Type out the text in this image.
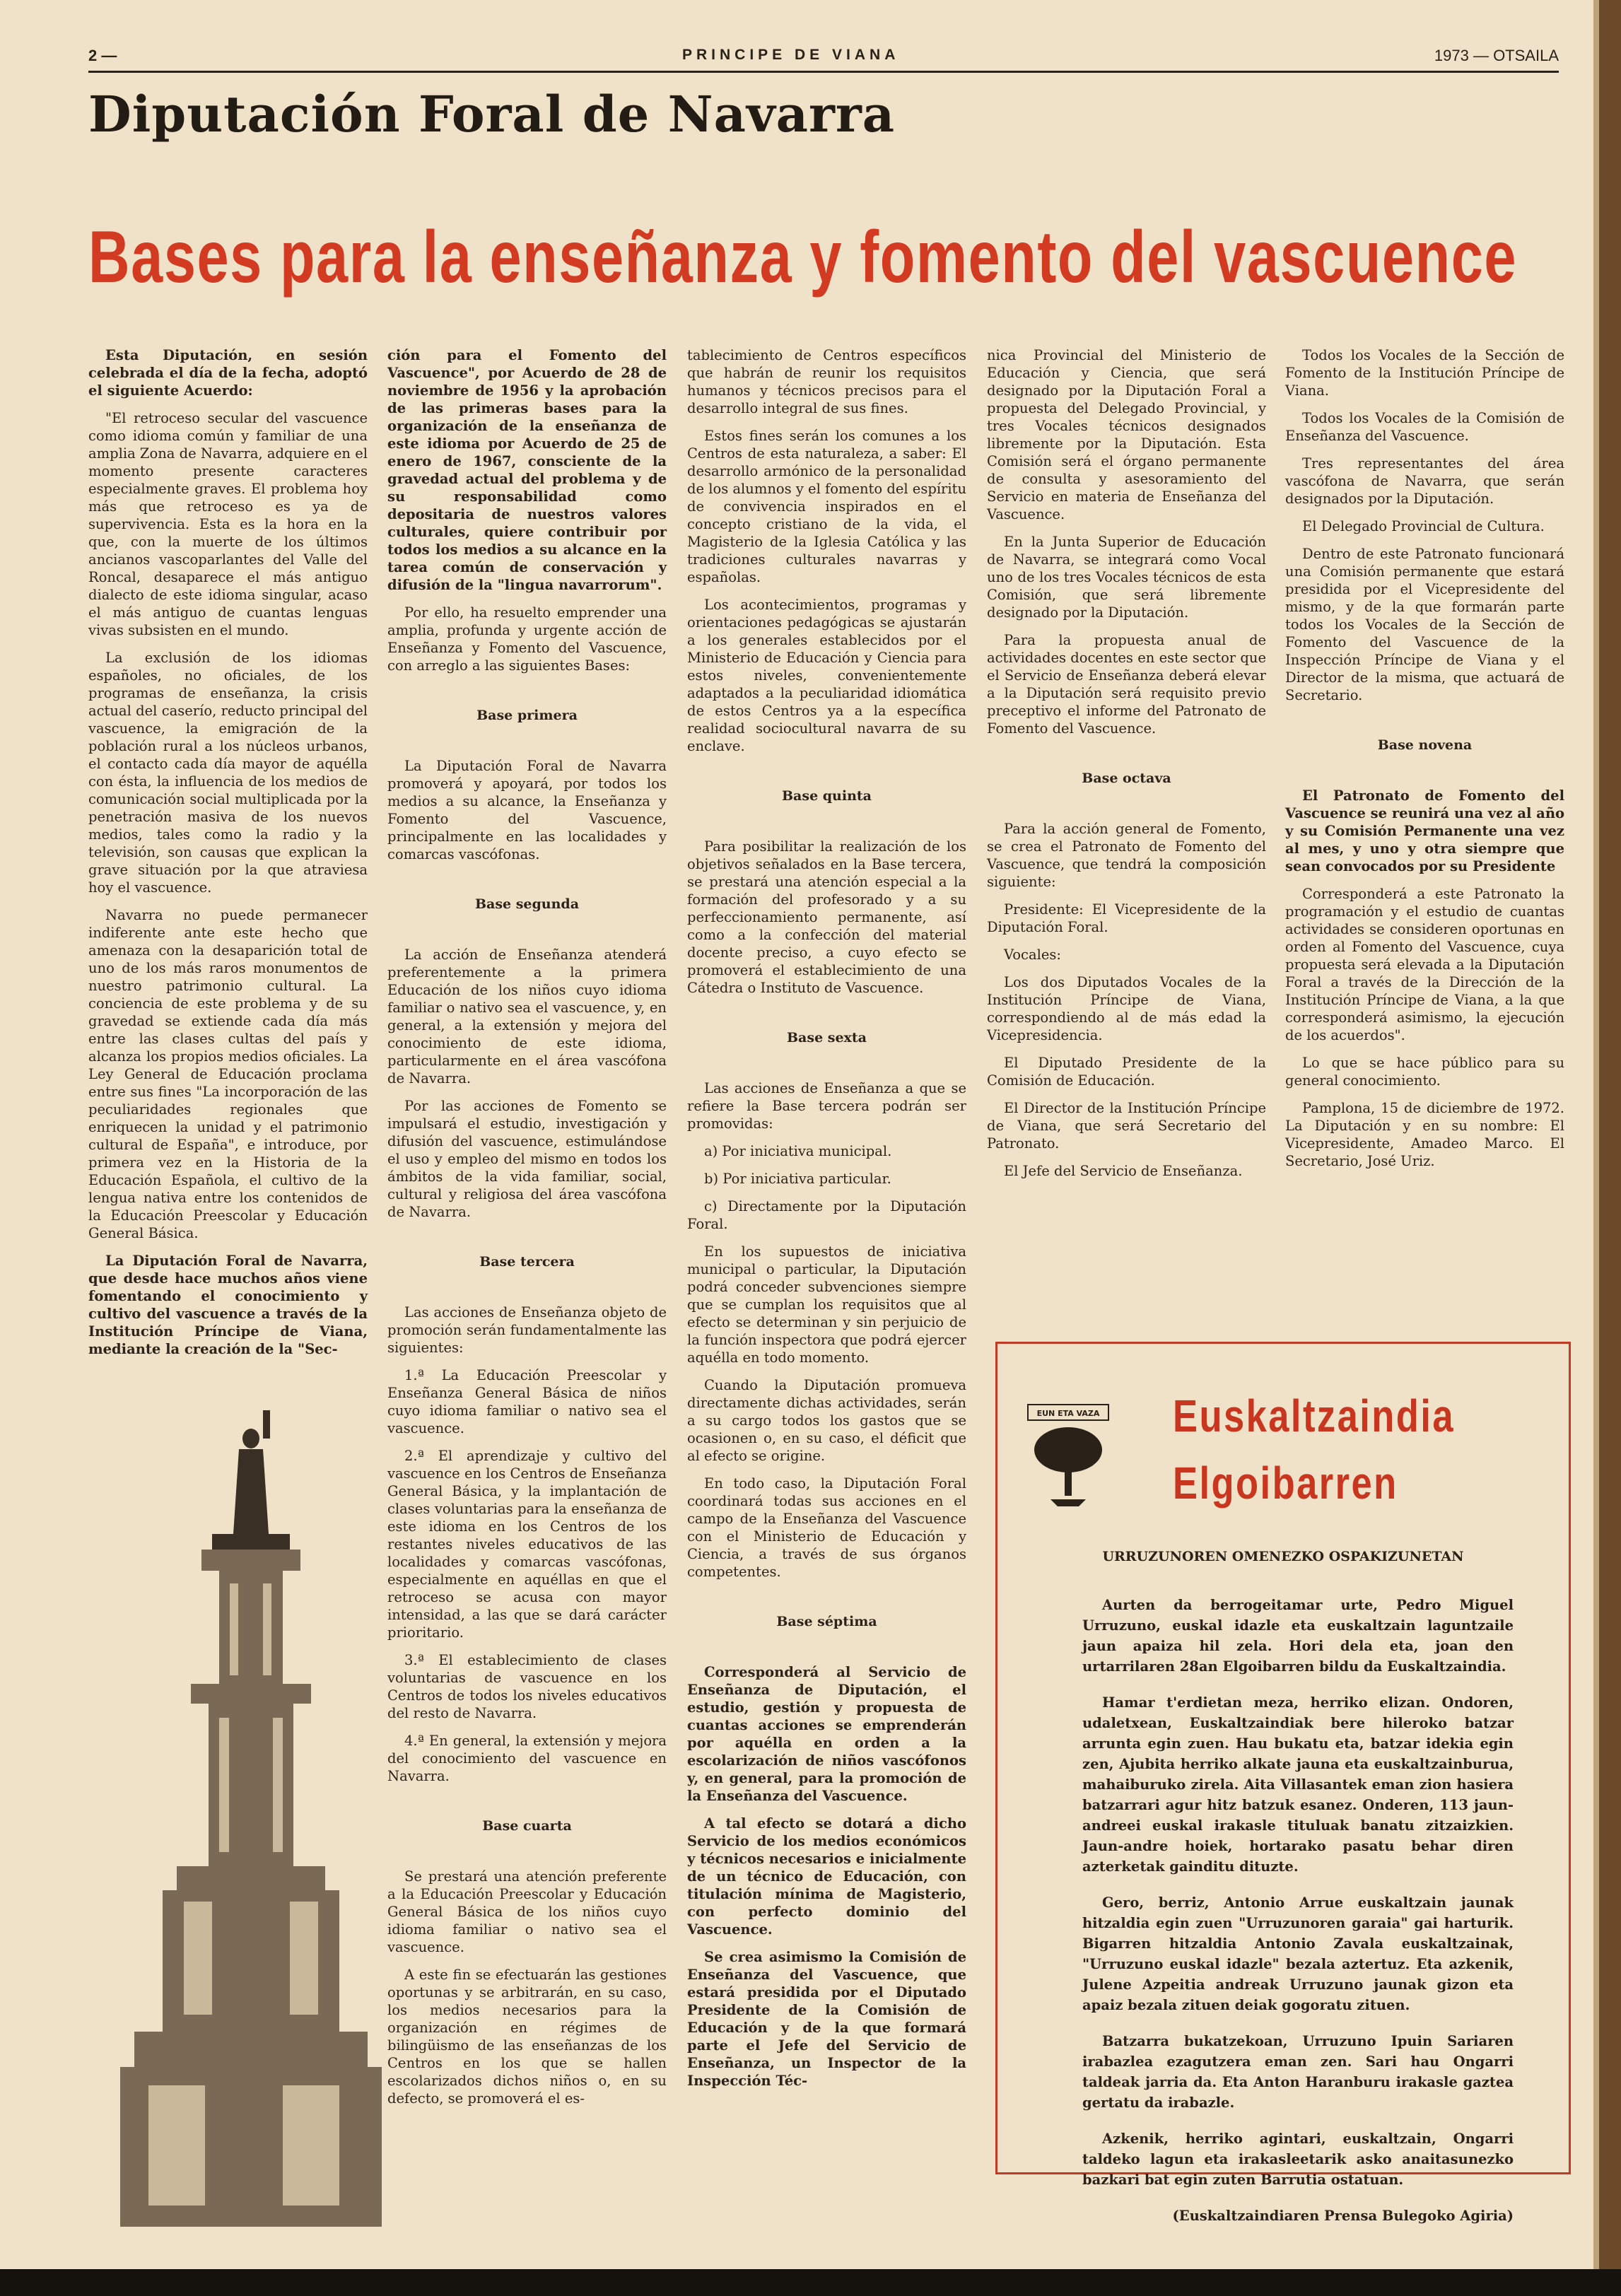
2 —	PRINCIPE DE VIANA	1973 — OTSAILA
Diputación Foral de Navarra
Bases para la enseñanza y fomento del vascuence

Esta Diputación, en sesión celebrada el día de la fecha, adoptó el siguiente Acuerdo:

"El retroceso secular del vascuence como idioma común y familiar de una amplia Zona de Navarra, adquiere en el momento presente caracteres especialmente graves. El problema hoy más que retroceso es ya de supervivencia. Esta es la hora en la que, con la muerte de los últimos ancianos vascoparlantes del Valle del Roncal, desaparece el más antiguo dialecto de este idioma singular, acaso el más antiguo de cuantas lenguas vivas subsisten en el mundo.

La exclusión de los idiomas españoles, no oficiales, de los programas de enseñanza, la crisis actual del caserío, reducto principal del vascuence, la emigración de la población rural a los núcleos urbanos, el contacto cada día mayor de aquélla con ésta, la influencia de los medios de comunicación social multiplicada por la penetración masiva de los nuevos medios, tales como la radio y la televisión, son causas que explican la grave situación por la que atraviesa hoy el vascuence.

Navarra no puede permanecer indiferente ante este hecho que amenaza con la desaparición total de uno de los más raros monumentos de nuestro patrimonio cultural. La conciencia de este problema y de su gravedad se extiende cada día más entre las clases cultas del país y alcanza los propios medios oficiales. La Ley General de Educación proclama entre sus fines "La incorporación de las peculiaridades regionales que enriquecen la unidad y el patrimonio cultural de España", e introduce, por primera vez en la Historia de la Educación Española, el cultivo de la lengua nativa entre los contenidos de la Educación Preescolar y Educación General Básica.

La Diputación Foral de Navarra, que desde hace muchos años viene fomentando el conocimiento y cultivo del vascuence a través de la Institución Príncipe de Viana, mediante la creación de la "Sec-

ción para el Fomento del Vascuence", por Acuerdo de 28 de noviembre de 1956 y la aprobación de las primeras bases para la organización de la enseñanza de este idioma por Acuerdo de 25 de enero de 1967, consciente de la gravedad actual del problema y de su responsabilidad como depositaria de nuestros valores culturales, quiere contribuir por todos los medios a su alcance en la tarea común de conservación y difusión de la "lingua navarrorum".

Por ello, ha resuelto emprender una amplia, profunda y urgente acción de Enseñanza y Fomento del Vascuence, con arreglo a las siguientes Bases:

Base primera

La Diputación Foral de Navarra promoverá y apoyará, por todos los medios a su alcance, la Enseñanza y Fomento del Vascuence, principalmente en las localidades y comarcas vascófonas.

Base segunda

La acción de Enseñanza atenderá preferentemente a la primera Educación de los niños cuyo idioma familiar o nativo sea el vascuence, y, en general, a la extensión y mejora del conocimiento de este idioma, particularmente en el área vascófona de Navarra.

Por las acciones de Fomento se impulsará el estudio, investigación y difusión del vascuence, estimulándose el uso y empleo del mismo en todos los ámbitos de la vida familiar, social, cultural y religiosa del área vascófona de Navarra.

Base tercera

Las acciones de Enseñanza objeto de promoción serán fundamentalmente las siguientes:

1.ª La Educación Preescolar y Enseñanza General Básica de niños cuyo idioma familiar o nativo sea el vascuence.

2.ª El aprendizaje y cultivo del vascuence en los Centros de Enseñanza General Básica, y la implantación de clases voluntarias para la enseñanza de este idioma en los Centros de los restantes niveles educativos de las localidades y comarcas vascófonas, especialmente en aquéllas en que el retroceso se acusa con mayor intensidad, a las que se dará carácter prioritario.

3.ª El establecimiento de clases voluntarias de vascuence en los Centros de todos los niveles educativos del resto de Navarra.

4.ª En general, la extensión y mejora del conocimiento del vascuence en Navarra.

Base cuarta

Se prestará una atención preferente a la Educación Preescolar y Educación General Básica de los niños cuyo idioma familiar o nativo sea el vascuence.

A este fin se efectuarán las gestiones oportunas y se arbitrarán, en su caso, los medios necesarios para la organización en régimes de bilingüismo de las enseñanzas de los Centros en los que se hallen escolarizados dichos niños o, en su defecto, se promoverá el es-

tablecimiento de Centros específicos que habrán de reunir los requisitos humanos y técnicos precisos para el desarrollo integral de sus fines.

Estos fines serán los comunes a los Centros de esta naturaleza, a saber: El desarrollo armónico de la personalidad de los alumnos y el fomento del espíritu de convivencia inspirados en el concepto cristiano de la vida, el Magisterio de la Iglesia Católica y las tradiciones culturales navarras y españolas.

Los acontecimientos, programas y orientaciones pedagógicas se ajustarán a los generales establecidos por el Ministerio de Educación y Ciencia para estos niveles, convenientemente adaptados a la peculiaridad idiomática de estos Centros ya a la específica realidad sociocultural navarra de su enclave.

Base quinta

Para posibilitar la realización de los objetivos señalados en la Base tercera, se prestará una atención especial a la formación del profesorado y a su perfeccionamiento permanente, así como a la confección del material docente preciso, a cuyo efecto se promoverá el establecimiento de una Cátedra o Instituto de Vascuence.

Base sexta

Las acciones de Enseñanza a que se refiere la Base tercera podrán ser promovidas:

a) Por iniciativa municipal.

b) Por iniciativa particular.

c) Directamente por la Diputación Foral.

En los supuestos de iniciativa municipal o particular, la Diputación podrá conceder subvenciones siempre que se cumplan los requisitos que al efecto se determinan y sin perjuicio de la función inspectora que podrá ejercer aquélla en todo momento.

Cuando la Diputación promueva directamente dichas actividades, serán a su cargo todos los gastos que se ocasionen o, en su caso, el déficit que al efecto se origine.

En todo caso, la Diputación Foral coordinará todas sus acciones en el campo de la Enseñanza del Vascuence con el Ministerio de Educación y Ciencia, a través de sus órganos competentes.

Base séptima

Corresponderá al Servicio de Enseñanza de Diputación, el estudio, gestión y propuesta de cuantas acciones se emprenderán por aquélla en orden a la escolarización de niños vascófonos y, en general, para la promoción de la Enseñanza del Vascuence.

A tal efecto se dotará a dicho Servicio de los medios económicos y técnicos necesarios e inicialmente de un técnico de Educación, con titulación mínima de Magisterio, con perfecto dominio del Vascuence.

Se crea asimismo la Comisión de Enseñanza del Vascuence, que estará presidida por el Diputado Presidente de la Comisión de Educación y de la que formará parte el Jefe del Servicio de Enseñanza, un Inspector de la Inspección Téc-

nica Provincial del Ministerio de Educación y Ciencia, que será designado por la Diputación Foral a propuesta del Delegado Provincial, y tres Vocales técnicos designados libremente por la Diputación. Esta Comisión será el órgano permanente de consulta y asesoramiento del Servicio en materia de Enseñanza del Vascuence.

En la Junta Superior de Educación de Navarra, se integrará como Vocal uno de los tres Vocales técnicos de esta Comisión, que será libremente designado por la Diputación.

Para la propuesta anual de actividades docentes en este sector que el Servicio de Enseñanza deberá elevar a la Diputación será requisito previo preceptivo el informe del Patronato de Fomento del Vascuence.

Base octava

Para la acción general de Fomento, se crea el Patronato de Fomento del Vascuence, que tendrá la composición siguiente:

Presidente: El Vicepresidente de la Diputación Foral.

Vocales:

Los dos Diputados Vocales de la Institución Príncipe de Viana, correspondiendo al de más edad la Vicepresidencia.

El Diputado Presidente de la Comisión de Educación.

El Director de la Institución Príncipe de Viana, que será Secretario del Patronato.

El Jefe del Servicio de Enseñanza.

Todos los Vocales de la Sección de Fomento de la Institución Príncipe de Viana.

Todos los Vocales de la Comisión de Enseñanza del Vascuence.

Tres representantes del área vascófona de Navarra, que serán designados por la Diputación.

El Delegado Provincial de Cultura.

Dentro de este Patronato funcionará una Comisión permanente que estará presidida por el Vicepresidente del mismo, y de la que formarán parte todos los Vocales de la Sección de Fomento del Vascuence de la Inspección Príncipe de Viana y el Director de la misma, que actuará de Secretario.

Base novena

El Patronato de Fomento del Vascuence se reunirá una vez al año y su Comisión Permanente una vez al mes, y uno y otra siempre que sean convocados por su Presidente

Corresponderá a este Patronato la programación y el estudio de cuantas actividades se consideren oportunas en orden al Fomento del Vascuence, cuya propuesta será elevada a la Diputación Foral a través de la Dirección de la Institución Príncipe de Viana, a la que corresponderá asimismo, la ejecución de los acuerdos".

Lo que se hace público para su general conocimiento.

Pamplona, 15 de diciembre de 1972. La Diputación y en su nombre: El Vicepresidente, Amadeo Marco. El Secretario, José Uriz.

EUN ETA VAZA Euskaltzaindia
Elgoibarren
URRUZUNOREN OMENEZKO OSPAKIZUNETAN

Aurten da berrogeitamar urte, Pedro Miguel Urruzuno, euskal idazle eta euskaltzain laguntzaile jaun apaiza hil zela. Hori dela eta, joan den urtarrilaren 28an Elgoibarren bildu da Euskaltzaindia.

Hamar t'erdietan meza, herriko elizan. Ondoren, udaletxean, Euskaltzaindiak bere hileroko batzar arrunta egin zuen. Hau bukatu eta, batzar idekia egin zen, Ajubita herriko alkate jauna eta euskaltzainburua, mahaiburuko zirela. Aita Villasantek eman zion hasiera batzarrari agur hitz batzuk esanez. Onderen, 113 jaun-andreei euskal irakasle tituluak banatu zitzaizkien. Jaun-andre hoiek, hortarako pasatu behar diren azterketak gainditu dituzte.

Gero, berriz, Antonio Arrue euskaltzain jaunak hitzaldia egin zuen "Urruzunoren garaia" gai harturik. Bigarren hitzaldia Antonio Zavala euskaltzainak, "Urruzuno euskal idazle" bezala aztertuz. Eta azkenik, Julene Azpeitia andreak Urruzuno jaunak gizon eta apaiz bezala zituen deiak gogoratu zituen.

Batzarra bukatzekoan, Urruzuno Ipuin Sariaren irabazlea ezagutzera eman zen. Sari hau Ongarri taldeak jarria da. Eta Anton Haranburu irakasle gaztea gertatu da irabazle.

Azkenik, herriko agintari, euskaltzain, Ongarri taldeko lagun eta irakasleetarik asko anaitasunezko bazkari bat egin zuten Barrutia ostatuan.

(Euskaltzaindiaren Prensa Bulegoko Agiria)
